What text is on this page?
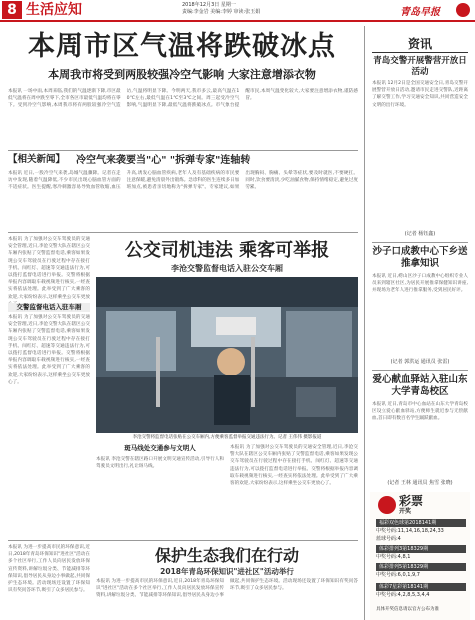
8 生活应知	2018年12月3日 星期一
责编:李金岩 美编:李婷 审读:张玉娟	青岛早报
本周市区气温将跌破冰点
本周我市将受到两股较强冷空气影响 大家注意增添衣物
本报讯 一场中雨,本周来临,我们的气温逐渐下降,市区最低气温将在周中跌至零下,全市各区市最低气温均将在零下。受到冷空气影响,本周我市将有两股较强冷空气造访,气温将明显下降。今明两天,我市多云,最高气温在10℃左右,最低气温在1℃至3℃之间。周三起受冷空气影响,气温明显下降,最低气温将跌破冰点。市气象台提醒市民,本周气温变化较大,大家要注意增添衣物,谨防感冒。
【相关新闻】 冷空气来袭要当"心" "拆弹专家"连轴转
本报讯 近日,一股冷空气来袭,岛城气温骤降。记者在走访中发现,随着气温降低,不少市民出现心脑血管方面的不适症状。医生提醒,寒冷刺激容易导致血管收缩,血压升高,诱发心脑血管疾病,老年人及有基础疾病的市民要注意保暖,避免清晨外出锻炼。急诊科的医生连续多日加班加点,被患者亲切地称为"拆弹专家"。专家建议,如果出现胸闷、胸痛、头晕等症状,要及时就医,不要硬扛。同时,饮食要清淡,少吃油腻食物,保持情绪稳定,避免过度劳累。
本报讯 为了加强对公交车驾驶员的交通安全管理,近日,李沧交警大队在辖区公交车厢内张贴了交警监督电话,乘客如果发现公交车驾驶员在行驶过程中存在接打手机、闯红灯、超速等交通违法行为,可以拨打监督电话进行举报。交警将根据举报内容调取车载视频进行核实,一经查实将依法处理。此举受到了广大乘客的欢迎,大家纷纷表示,这样乘坐公交车更放
交警监督电话入驻车厢
本报讯 为了加强对公交车驾驶员的交通安全管理,近日,李沧交警大队在辖区公交车厢内张贴了交警监督电话,乘客如果发现公交车驾驶员在行驶过程中存在接打手机、闯红灯、超速等交通违法行为,可以拨打监督电话进行举报。交警将根据举报内容调取车载视频进行核实,一经查实将依法处理。此举受到了广大乘客的欢迎,大家纷纷表示,这样乘坐公交车更放心了。
公交司机违法 乘客可举报
李沧交警监督电话入驻公交车厢
李沧交警将监督电话张贴在公交车厢内,方便乘客监督举报交通违法行为。记者 王伟伟 摄影报道
斑马线处交通参与文明人
本报讯 李沧交警在辖区路口开展文明交通宣传活动,引导行人和驾驶员文明出行,礼让斑马线。
本报讯 为了加强对公交车驾驶员的交通安全管理,近日,李沧交警大队在辖区公交车厢内张贴了交警监督电话,乘客如果发现公交车驾驶员在行驶过程中存在接打手机、闯红灯、超速等交通违法行为,可以拨打监督电话进行举报。交警将根据举报内容调取车载视频进行核实,一经查实将依法处理。此举受到了广大乘客的欢迎,大家纷纷表示,这样乘坐公交车更放心了。
本报讯 为进一步提高市民的环保意识,近日,2018年青岛环保知识"进社区"活动在多个社区举行,工作人员向居民发放环保宣传资料,讲解垃圾分类、节能减排等环保知识,倡导居民从身边小事做起,共同保护生态环境。活动现场还设置了环保知识有奖问答环节,吸引了众多居民参与。
保护生态我们在行动
2018年青岛环保知识"进社区"活动举行
本报讯 为进一步提高市民的环保意识,近日,2018年青岛环保知识"进社区"活动在多个社区举行,工作人员向居民发放环保宣传资料,讲解垃圾分类、节能减排等环保知识,倡导居民从身边小事做起,共同保护生态环境。活动现场还设置了环保知识有奖问答环节,吸引了众多居民参与。
资讯
青岛交警开展警营开放日活动
本报讯 12月2日是全国交通安全日,青岛交警开展警营开放日活动,邀请市民走进交警队,近距离了解交警工作,学习交通安全知识,共同营造安全文明的出行环境。
(记者 杨钰鑫)
沙子口成教中心下乡送推拿知识
本报讯 近日,崂山区沙子口成教中心组织专业人员来到辖区社区,为居民开展推拿保健知识讲座,并现场为老年人进行推拿服务,受到居民好评。
(记者 郭洪运 通讯员 张雷)
爱心献血驿站入驻山东大学青岛校区
本报讯 近日,青岛市中心血站在山东大学青岛校区设立爱心献血驿站,方便师生就近参与无偿献血,首日即有数百名学生踊跃献血。
(记者 王林 通讯员 焦雪 张晓)
彩票
开奖
福彩双色球第2018141期
中奖号码:11,14,16,18,24,33
蓝球号码:4
体彩排列3第18329期
中奖号码:4,8,1
体彩排列5第18329期
中奖号码:6,0,1,9,7
体彩7星彩第18141期
中奖号码:4,2,8,5,3,4,4
具体开奖信息请以官方公布为准
